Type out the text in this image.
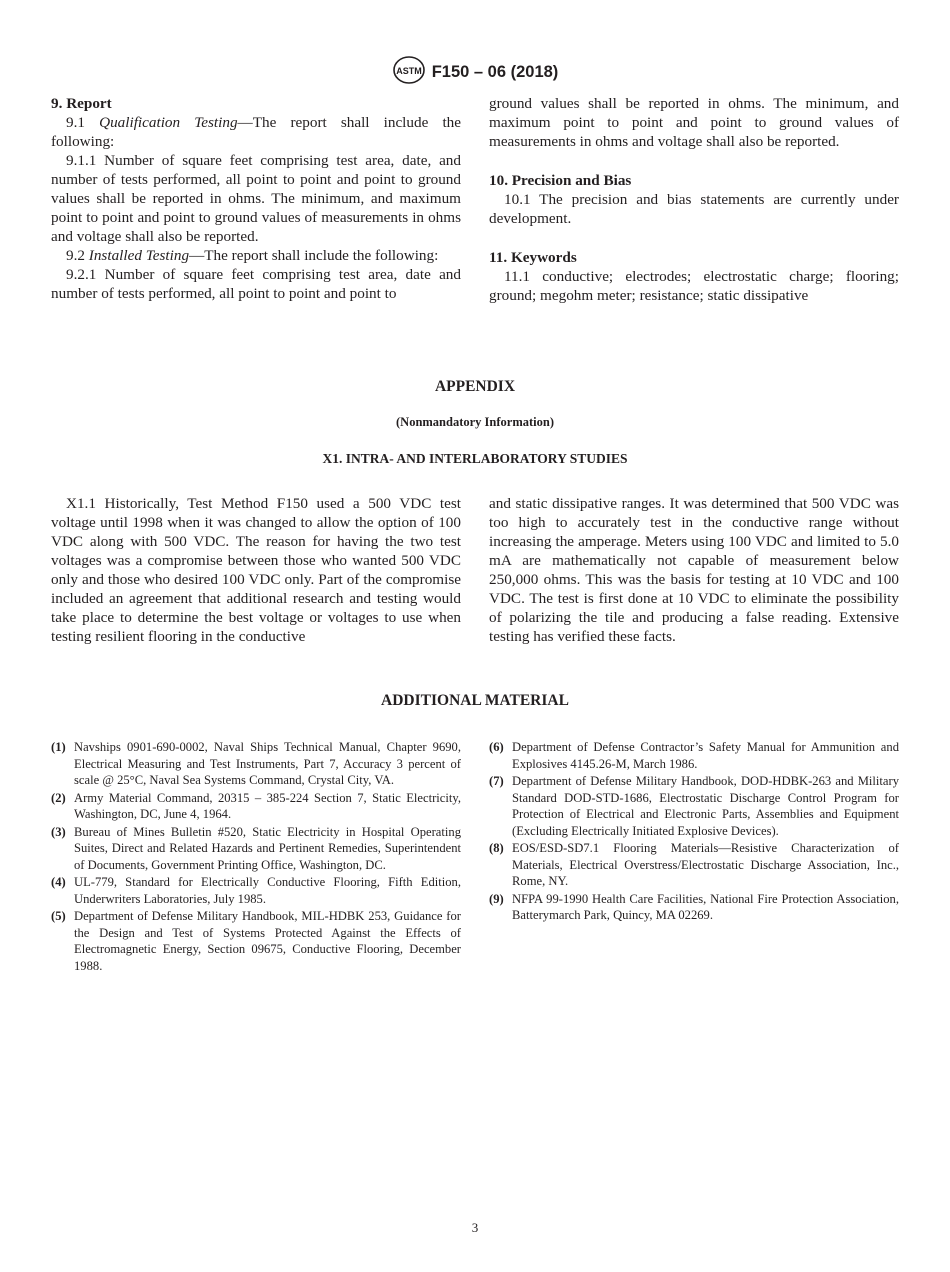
ASTM F150 – 06 (2018)

9. Report

9.1 Qualification Testing—The report shall include the following:

9.1.1 Number of square feet comprising test area, date, and number of tests performed, all point to point and point to ground values shall be reported in ohms. The minimum, and maximum point to point and point to ground values of measurements in ohms and voltage shall also be reported.

9.2 Installed Testing—The report shall include the following:

9.2.1 Number of square feet comprising test area, date and number of tests performed, all point to point and point to

ground values shall be reported in ohms. The minimum, and maximum point to point and point to ground values of measurements in ohms and voltage shall also be reported.

10. Precision and Bias

10.1 The precision and bias statements are currently under development.

11. Keywords

11.1 conductive; electrodes; electrostatic charge; flooring; ground; megohm meter; resistance; static dissipative

APPENDIX
(Nonmandatory Information)
X1. INTRA- AND INTERLABORATORY STUDIES

X1.1 Historically, Test Method F150 used a 500 VDC test voltage until 1998 when it was changed to allow the option of 100 VDC along with 500 VDC. The reason for having the two test voltages was a compromise between those who wanted 500 VDC only and those who desired 100 VDC only. Part of the compromise included an agreement that additional research and testing would take place to determine the best voltage or voltages to use when testing resilient flooring in the conductive

and static dissipative ranges. It was determined that 500 VDC was too high to accurately test in the conductive range without increasing the amperage. Meters using 100 VDC and limited to 5.0 mA are mathematically not capable of measurement below 250,000 ohms. This was the basis for testing at 10 VDC and 100 VDC. The test is first done at 10 VDC to eliminate the possibility of polarizing the tile and producing a false reading. Extensive testing has verified these facts.

ADDITIONAL MATERIAL
(1) Navships 0901-690-0002, Naval Ships Technical Manual, Chapter 9690, Electrical Measuring and Test Instruments, Part 7, Accuracy 3 percent of scale @ 25°C, Naval Sea Systems Command, Crystal City, VA.
(2) Army Material Command, 20315 – 385-224 Section 7, Static Electricity, Washington, DC, June 4, 1964.
(3) Bureau of Mines Bulletin #520, Static Electricity in Hospital Operating Suites, Direct and Related Hazards and Pertinent Remedies, Superintendent of Documents, Government Printing Office, Washington, DC.
(4) UL-779, Standard for Electrically Conductive Flooring, Fifth Edition, Underwriters Laboratories, July 1985.
(5) Department of Defense Military Handbook, MIL-HDBK 253, Guidance for the Design and Test of Systems Protected Against the Effects of Electromagnetic Energy, Section 09675, Conductive Flooring, December 1988.
(6) Department of Defense Contractor’s Safety Manual for Ammunition and Explosives 4145.26-M, March 1986.
(7) Department of Defense Military Handbook, DOD-HDBK-263 and Military Standard DOD-STD-1686, Electrostatic Discharge Control Program for Protection of Electrical and Electronic Parts, Assemblies and Equipment (Excluding Electrically Initiated Explosive Devices).
(8) EOS/ESD-SD7.1 Flooring Materials—Resistive Characterization of Materials, Electrical Overstress/Electrostatic Discharge Association, Inc., Rome, NY.
(9) NFPA 99-1990 Health Care Facilities, National Fire Protection Association, Batterymarch Park, Quincy, MA 02269.
3
